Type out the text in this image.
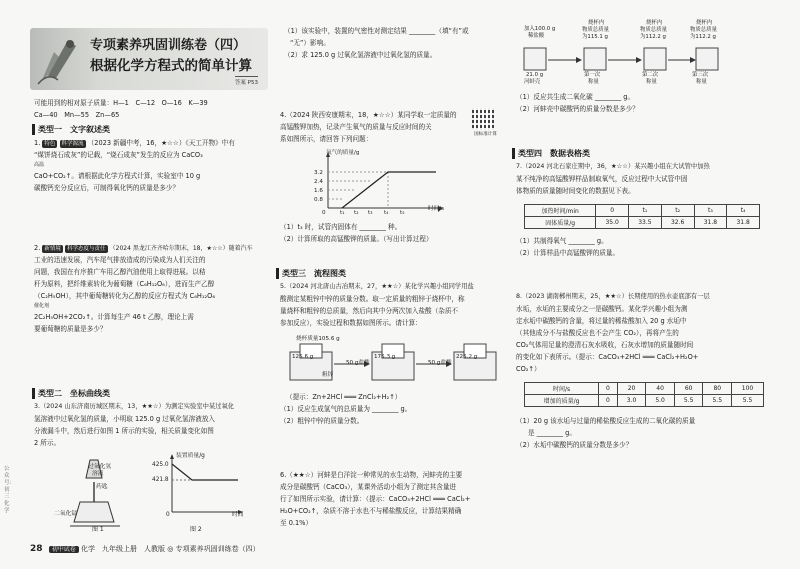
专项素养巩固训练卷（四）
根据化学方程式的简单计算
答案 P53
可能用到的相对原子质量：H—1　C—12　O—16　K—39
Ca—40　Mn—55　Zn—65
类型一　文字叙述类
1. 特色 科学源流 （2023 新疆中考，16，★☆☆）《天工开物》中有
“煤饼烧石成灰”的记载，“烧石成灰”发生的反应为 CaCO₃
高温
CaO+CO₂↑。请根据此化学方程式计算，实验室中 10 g
碳酸钙充分反应后，可制得氧化钙的质量是多少？
2. 新情境 科学态度与责任 （2024 黑龙江齐齐哈尔期末，18，★☆☆）随着汽车
工业的迅速发展，汽车尾气排放造成的污染成为人们关注的
问题，我国在有序推广车用乙醇汽油使用上取得进展。以秸
秆为原料，把纤维素转化为葡萄糖（C₆H₁₂O₆），进而生产乙醇
（C₂H₅OH），其中葡萄糖转化为乙醇的反应方程式为 C₆H₁₂O₆
催化剂
2C₂H₅OH+2CO₂↑。计算每生产 46 t 乙醇，理论上需
要葡萄糖的质量是多少？
类型二　坐标曲线类
3.（2024 山东济南历城区期末，13，★★☆）为测定实验室中某过氧化
氢溶液中过氧化氢的质量，小明取 125.0 g 过氧化氢溶液放入
分液漏斗中，然后进行如图 1 所示的实验，相关质量变化如图
2 所示。
过氧化氢
溶液
药匙
二氧化锰
图 1
装置质量/g
425.0
421.8
0	时间
图 2
（1）该实验中，装置的气密性对测定结果 ________（填“有”或
“无”）影响。
（2）求 125.0 g 过氧化氢溶液中过氧化氢的质量。
4.（2024 陕西安康期末，18，★☆☆）某同学取一定质量的
高锰酸钾加热，记录产生氧气的质量与反应时间的关
系如图所示，请回答下列问题：
国标准计算
氧气的质量/g
3.2
2.4
1.6
0.8
0	t₁ t₂ t₃ t₄ t₅
时间/s
（1）t₃ 时，试管内固体有 ________ 种。
（2）计算所取的高锰酸钾的质量。（写出计算过程）
类型三　流程图类
5.（2024 河北唐山古冶期末，27，★★☆）某化学兴趣小组同学用盐
酸测定某粗锌中锌的质量分数。取一定质量的粗锌于烧杯中，称
量烧杯和粗锌的总质量，然后向其中分两次加入盐酸（杂质不
参加反应），实验过程和数据如图所示。请计算：
烧杯质量105.6 g
125.6 g
粗锌
50 g盐酸
175.3 g
50 g盐酸
225.2 g
（提示：Zn+2HCl ═══ ZnCl₂+H₂↑）
（1）反应生成氢气的总质量为 ________ g。
（2）粗锌中锌的质量分数。
6.（★★☆）河蚌是白洋淀一种常见的水生动物，河蚌壳的主要
成分是碳酸钙（CaCO₃），某课外活动小组为了测定其含量进
行了如图所示实验，请计算：（提示：CaCO₃+2HCl ═══ CaCl₂+
H₂O+CO₂↑，杂质不溶于水也不与稀盐酸反应，计算结果精确
至 0.1%）
加入100.0 g
稀盐酸
21.0 g
河蚌壳
烧杯内
物质总质量
为115.1 g
第一次
称量
烧杯内
物质总质量
为112.2 g
第二次
称量
烧杯内
物质总质量
为112.2 g
第三次
称量
（1）反应共生成二氧化碳 ________ g。
（2）河蚌壳中碳酸钙的质量分数是多少？
类型四　数据表格类
7.（2024 河北石家庄期中，36，★☆☆）某兴趣小组在大试管中加热
某不纯净的高锰酸钾样品制取氧气，反应过程中大试管中固
体物质的质量随时间变化的数据见下表。
加热时间/min	0	t₁	t₂	t₃	t₄
固体质量/g	35.0	33.5	32.6	31.8	31.8
（1）共制得氧气 ________ g。
（2）计算样品中高锰酸钾的质量。
8.（2023 湖南郴州期末，25，★★☆）长期使用的热水壶底部有一层
水垢，水垢的主要成分之一是碳酸钙。某化学兴趣小组为测
定水垢中碳酸钙的含量，将过量的稀盐酸加入 20 g 水垢中
（其他成分不与盐酸反应也不会产生 CO₂），再将产生的
CO₂气体用足量的澄清石灰水吸收，石灰水增加的质量随时间
的变化如下表所示。（提示：CaCO₃+2HCl ═══ CaCl₂+H₂O+
CO₂↑）
时间/s	0	20	40	60	80	100
增加的质量/g	0	3.0	5.0	5.5	5.5	5.5
（1）20 g 该水垢与过量的稀盐酸反应生成的二氧化碳的质量
是 ________ g。
（2）水垢中碳酸钙的质量分数是多少？
28 初中试卷 化学　九年级上册　人教版 ◎ 专项素养巩固训练卷（四）
公众号：初三化学
